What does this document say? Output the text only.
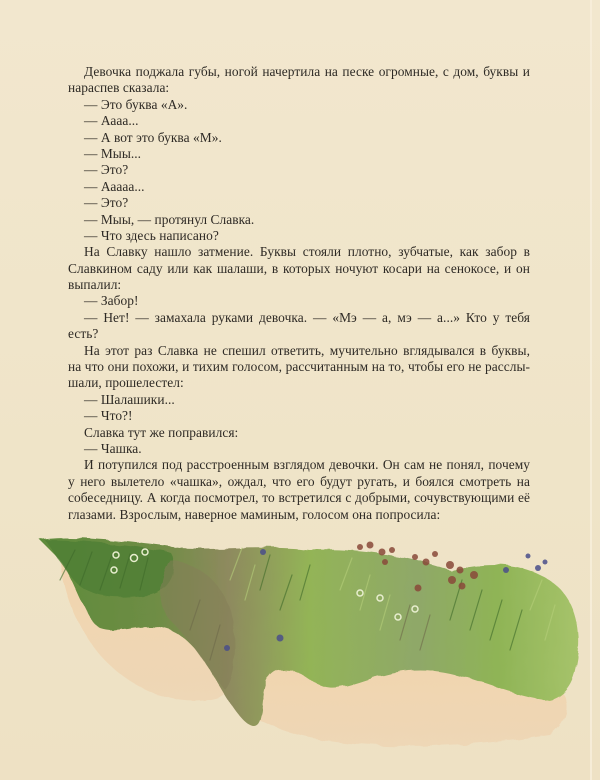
Девочка поджала губы, ногой начертила на песке огромные, с дом, буквы и
нараспев сказала:
— Это буква «А».
— Аааа...
— А вот это буква «М».
— Мыы...
— Это?
— Ааааа...
— Это?
— Мыы, — протянул Славка.
— Что здесь написано?
На Славку нашло затмение. Буквы стояли плотно, зубчатые, как забор в
Славкином саду или как шалаши, в которых ночуют косари на сенокосе, и он
выпалил:
— Забор!
— Нет! — замахала руками девочка. — «Мэ — а, мэ — а...» Кто у тебя
есть?
На этот раз Славка не спешил ответить, мучительно вглядывался в буквы,
на что они похожи, и тихим голосом, рассчитанным на то, чтобы его не расслы-
шали, прошелестел:
— Шалашики...
— Что?!
Славка тут же поправился:
— Чашка.
И потупился под расстроенным взглядом девочки. Он сам не понял, почему
у него вылетело «чашка», ождал, что его будут ругать, и боялся смотреть на
собеседницу. А когда посмотрел, то встретился с добрыми, сочувствующими её
глазами. Взрослым, наверное маминым, голосом она попросила:
